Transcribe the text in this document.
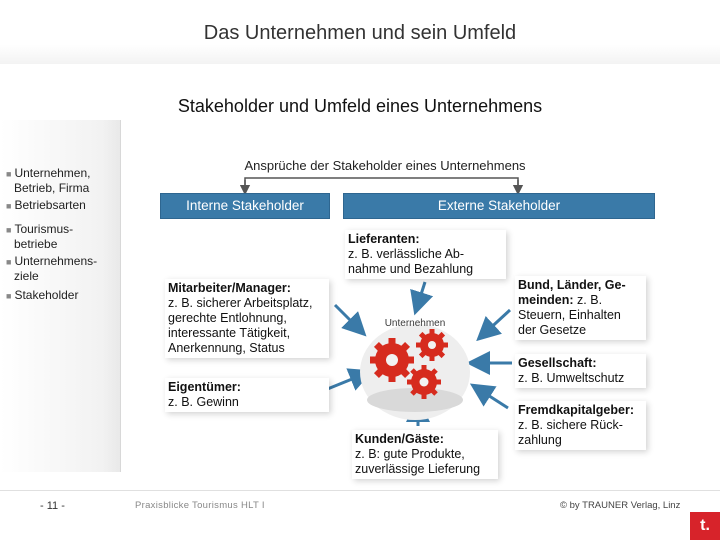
Das Unternehmen und sein Umfeld
Stakeholder und Umfeld eines Unternehmens
■ Unternehmen,
Betrieb, Firma
■ Betriebsarten
■ Tourismus-
betriebe
■ Unternehmens-
ziele
■ Stakeholder
Ansprüche der Stakeholder eines Unternehmens
Interne Stakeholder	Externe Stakeholder
Unternehmen
Lieferanten:
z. B. verlässliche Ab-
nahme und Bezahlung
Mitarbeiter/Manager:
z. B. sicherer Arbeitsplatz,
gerechte Entlohnung,
interessante Tätigkeit,
Anerkennung, Status
Eigentümer:
z. B. Gewinn
Kunden/Gäste:
z. B: gute Produkte,
zuverlässige Lieferung
Bund, Länder, Ge-
meinden: z. B.
Steuern, Einhalten
der Gesetze
Gesellschaft:
z. B. Umweltschutz
Fremdkapitalgeber:
z. B. sichere Rück-
zahlung
- 11 -	Praxisblicke Tourismus HLT I	© by TRAUNER Verlag, Linz
t.
